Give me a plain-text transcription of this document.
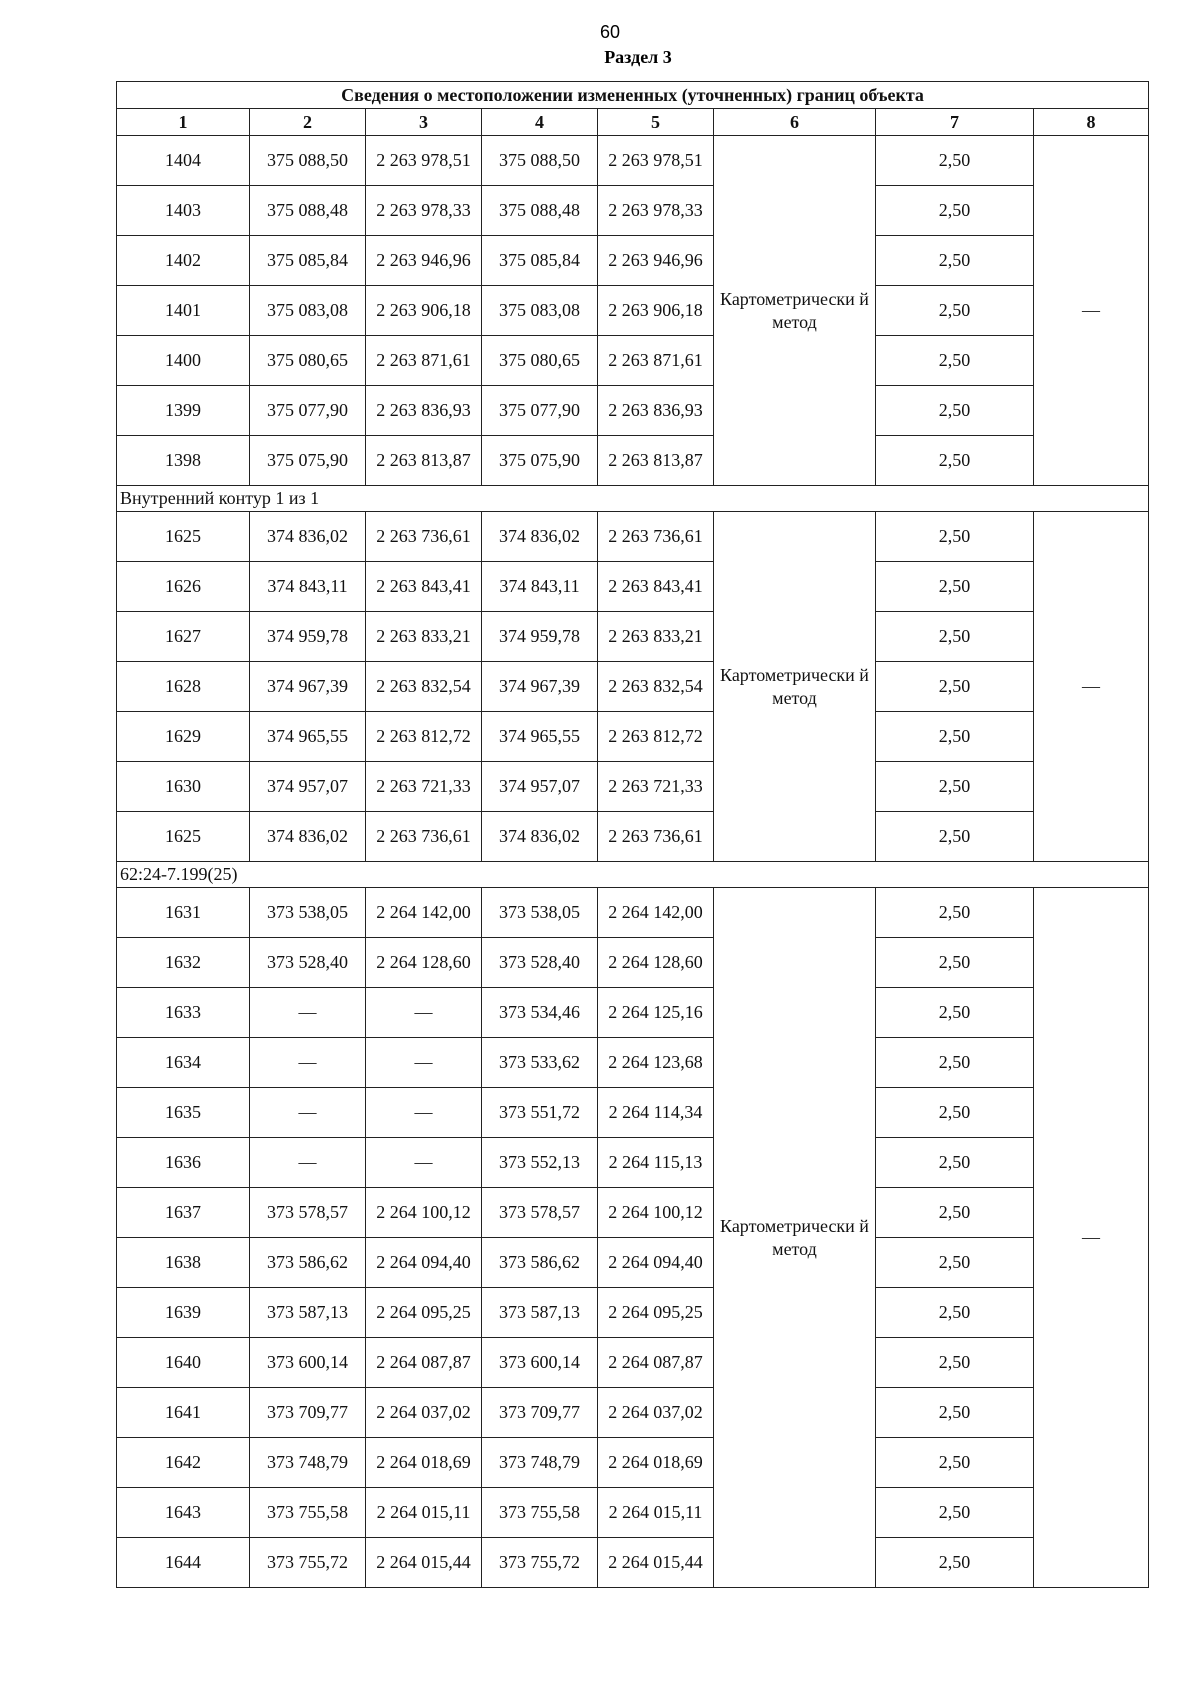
60
Раздел 3
Сведения о местоположении измененных (уточненных) границ объекта							
1	2	3	4	5	6	7	8
1404	375 088,50	2 263 978,51	375 088,50	2 263 978,51	Картометрически й метод	2,50	—
1403	375 088,48	2 263 978,33	375 088,48	2 263 978,33		2,50	
1402	375 085,84	2 263 946,96	375 085,84	2 263 946,96		2,50	
1401	375 083,08	2 263 906,18	375 083,08	2 263 906,18		2,50	
1400	375 080,65	2 263 871,61	375 080,65	2 263 871,61		2,50	
1399	375 077,90	2 263 836,93	375 077,90	2 263 836,93		2,50	
1398	375 075,90	2 263 813,87	375 075,90	2 263 813,87		2,50	
Внутренний контур 1 из 1							
1625	374 836,02	2 263 736,61	374 836,02	2 263 736,61	Картометрически й метод	2,50	—
1626	374 843,11	2 263 843,41	374 843,11	2 263 843,41		2,50	
1627	374 959,78	2 263 833,21	374 959,78	2 263 833,21		2,50	
1628	374 967,39	2 263 832,54	374 967,39	2 263 832,54		2,50	
1629	374 965,55	2 263 812,72	374 965,55	2 263 812,72		2,50	
1630	374 957,07	2 263 721,33	374 957,07	2 263 721,33		2,50	
1625	374 836,02	2 263 736,61	374 836,02	2 263 736,61		2,50	
62:24-7.199(25)							
1631	373 538,05	2 264 142,00	373 538,05	2 264 142,00	Картометрически й метод	2,50	—
1632	373 528,40	2 264 128,60	373 528,40	2 264 128,60		2,50	
1633	—	—	373 534,46	2 264 125,16		2,50	
1634	—	—	373 533,62	2 264 123,68		2,50	
1635	—	—	373 551,72	2 264 114,34		2,50	
1636	—	—	373 552,13	2 264 115,13		2,50	
1637	373 578,57	2 264 100,12	373 578,57	2 264 100,12		2,50	
1638	373 586,62	2 264 094,40	373 586,62	2 264 094,40		2,50	
1639	373 587,13	2 264 095,25	373 587,13	2 264 095,25		2,50	
1640	373 600,14	2 264 087,87	373 600,14	2 264 087,87		2,50	
1641	373 709,77	2 264 037,02	373 709,77	2 264 037,02		2,50	
1642	373 748,79	2 264 018,69	373 748,79	2 264 018,69		2,50	
1643	373 755,58	2 264 015,11	373 755,58	2 264 015,11		2,50	
1644	373 755,72	2 264 015,44	373 755,72	2 264 015,44		2,50	
